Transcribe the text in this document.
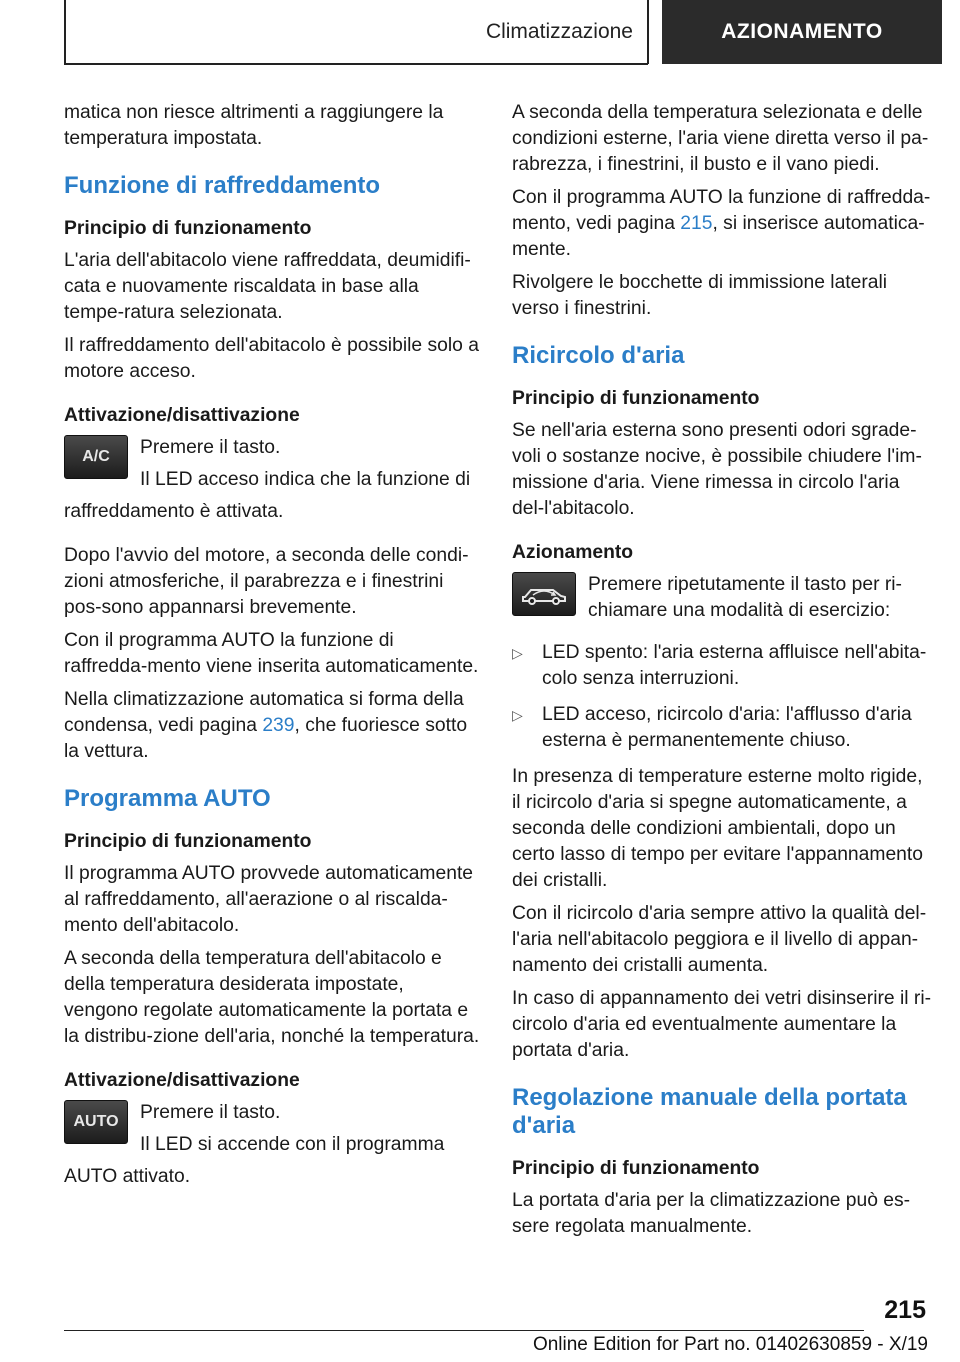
Climatizzazione	AZIONAMENTO

matica non riesce altrimenti a raggiungere la temperatura impostata.

Funzione di raffreddamento
Principio di funzionamento

L'aria dell'abitacolo viene raffreddata, deumidifi-cata e nuovamente riscaldata in base alla tempe-ratura selezionata.

Il raffreddamento dell'abitacolo è possibile solo a motore acceso.

Attivazione/disattivazione
A/C	Premere il tasto.

Il LED acceso indica che la funzione di

raffreddamento è attivata.

Dopo l'avvio del motore, a seconda delle condi-zioni atmosferiche, il parabrezza e i finestrini pos-sono appannarsi brevemente.

Con il programma AUTO la funzione di raffredda-mento viene inserita automaticamente.

Nella climatizzazione automatica si forma della condensa, vedi pagina 239, che fuoriesce sotto la vettura.

Programma AUTO
Principio di funzionamento

Il programma AUTO provvede automaticamente al raffreddamento, all'aerazione o al riscalda-mento dell'abitacolo.

A seconda della temperatura dell'abitacolo e della temperatura desiderata impostate, vengono regolate automaticamente la portata e la distribu-zione dell'aria, nonché la temperatura.

Attivazione/disattivazione
AUTO	Premere il tasto.

Il LED si accende con il programma

AUTO attivato.

A seconda della temperatura selezionata e delle condizioni esterne, l'aria viene diretta verso il pa-rabrezza, i finestrini, il busto e il vano piedi.

Con il programma AUTO la funzione di raffredda-mento, vedi pagina 215, si inserisce automatica-mente.

Rivolgere le bocchette di immissione laterali verso i finestrini.

Ricircolo d'aria
Principio di funzionamento

Se nell'aria esterna sono presenti odori sgrade-voli o sostanze nocive, è possibile chiudere l'im-missione d'aria. Viene rimessa in circolo l'aria del-l'abitacolo.

Azionamento

Premere ripetutamente il tasto per ri-chiamare una modalità di esercizio:

▷ LED spento: l'aria esterna affluisce nell'abita-colo senza interruzioni.
▷ LED acceso, ricircolo d'aria: l'afflusso d'aria esterna è permanentemente chiuso.

In presenza di temperature esterne molto rigide, il ricircolo d'aria si spegne automaticamente, a seconda delle condizioni ambientali, dopo un certo lasso di tempo per evitare l'appannamento dei cristalli.

Con il ricircolo d'aria sempre attivo la qualità del-l'aria nell'abitacolo peggiora e il livello di appan-namento dei cristalli aumenta.

In caso di appannamento dei vetri disinserire il ri-circolo d'aria ed eventualmente aumentare la portata d'aria.

Regolazione manuale della portata d'aria
Principio di funzionamento

La portata d'aria per la climatizzazione può es-sere regolata manualmente.

215
Online Edition for Part no. 01402630859 - X/19
